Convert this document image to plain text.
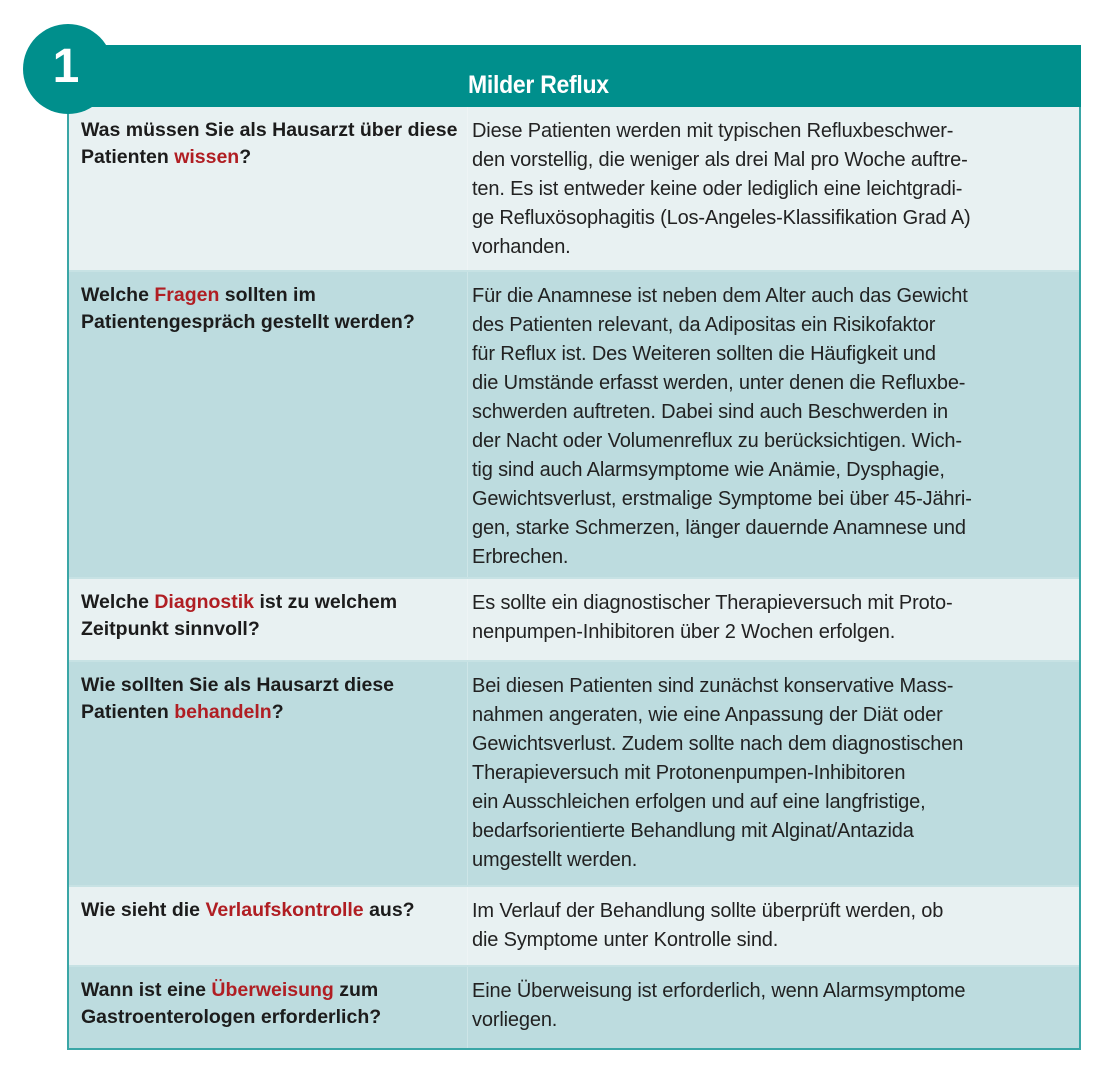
1	Milder Reflux
Was müssen Sie als Hausarzt über diese Patienten wissen?
Diese Patienten werden mit typischen Refluxbeschwer-
den vorstellig, die weniger als drei Mal pro Woche auftre-
ten. Es ist entweder keine oder lediglich eine leichtgradi-
ge Refluxösophagitis (Los-Angeles-Klassifikation Grad A)
vorhanden.
Welche Fragen sollten im Patientengespräch gestellt werden?
Für die Anamnese ist neben dem Alter auch das Gewicht
des Patienten relevant, da Adipositas ein Risikofaktor
für Reflux ist. Des Weiteren sollten die Häufigkeit und
die Umstände erfasst werden, unter denen die Refluxbe-
schwerden auftreten. Dabei sind auch Beschwerden in
der Nacht oder Volumenreflux zu berücksichtigen. Wich-
tig sind auch Alarmsymptome wie Anämie, Dysphagie,
Gewichtsverlust, erstmalige Symptome bei über 45-Jähri-
gen, starke Schmerzen, länger dauernde Anamnese und
Erbrechen.
Welche Diagnostik ist zu welchem Zeitpunkt sinnvoll?
Es sollte ein diagnostischer Therapieversuch mit Proto-
nenpumpen-Inhibitoren über 2 Wochen erfolgen.
Wie sollten Sie als Hausarzt diese Patienten behandeln?
Bei diesen Patienten sind zunächst konservative Mass-
nahmen angeraten, wie eine Anpassung der Diät oder
Gewichtsverlust. Zudem sollte nach dem diagnostischen
Therapieversuch mit Protonenpumpen-Inhibitoren
ein Ausschleichen erfolgen und auf eine langfristige,
bedarfsorientierte Behandlung mit Alginat/Antazida
umgestellt werden.
Wie sieht die Verlaufskontrolle aus?	Im Verlauf der Behandlung sollte überprüft werden, ob
die Symptome unter Kontrolle sind.
Wann ist eine Überweisung zum Gastroenterologen erforderlich?
Eine Überweisung ist erforderlich, wenn Alarmsymptome
vorliegen.
